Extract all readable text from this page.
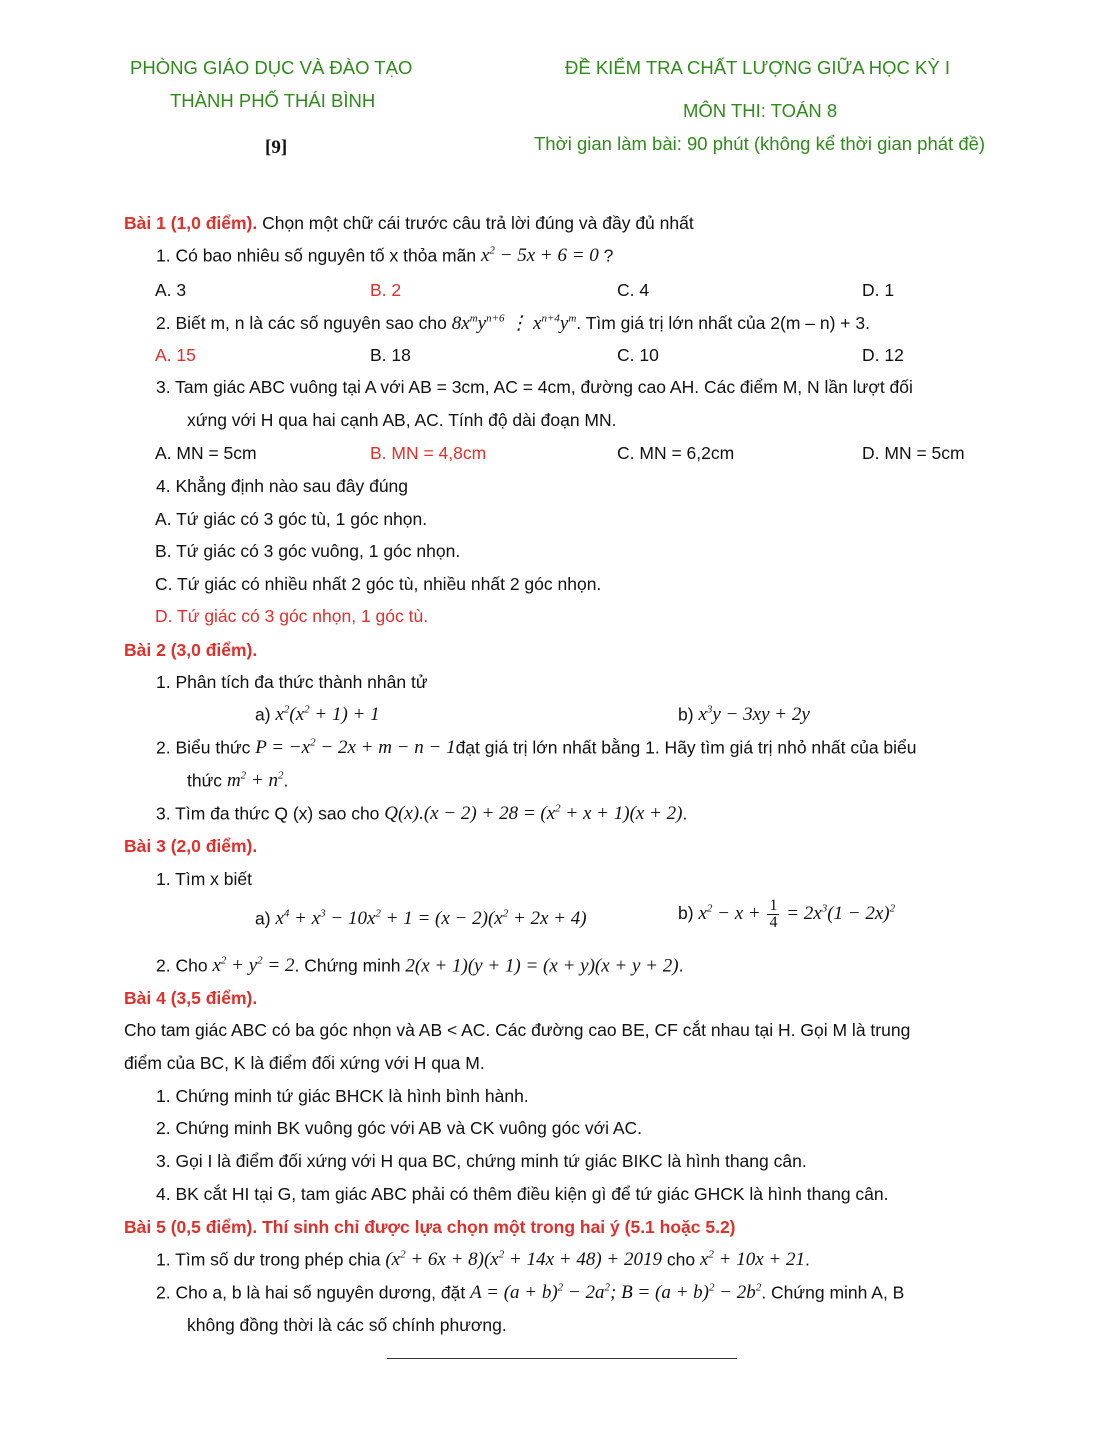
PHÒNG GIÁO DỤC VÀ ĐÀO TẠO
THÀNH PHỐ THÁI BÌNH
[9]
ĐỀ KIỂM TRA CHẤT LƯỢNG GIỮA HỌC KỲ I
MÔN THI: TOÁN 8
Thời gian làm bài: 90 phút (không kể thời gian phát đề)
Bài 1 (1,0 điểm). Chọn một chữ cái trước câu trả lời đúng và đầy đủ nhất
1. Có bao nhiêu số nguyên tố x thỏa mãn $x^2 - 5x + 6 = 0$ ?
A. 3	B. 2	C. 4	D. 1
2. Biết m, n là các số nguyên sao cho $8x^my^{n+6}$ ⋮ $x^{n+4}y^m$. Tìm giá trị lớn nhất của 2(m – n) + 3.
A. 15	B. 18	C. 10	D. 12
3. Tam giác ABC vuông tại A với AB = 3cm, AC = 4cm, đường cao AH. Các điểm M, N lần lượt đối
xứng với H qua hai cạnh AB, AC. Tính độ dài đoạn MN.
A. MN = 5cm	B. MN = 4,8cm	C. MN = 6,2cm	D. MN = 5cm
4. Khẳng định nào sau đây đúng
A. Tứ giác có 3 góc tù, 1 góc nhọn.
B. Tứ giác có 3 góc vuông, 1 góc nhọn.
C. Tứ giác có nhiều nhất 2 góc tù, nhiều nhất 2 góc nhọn.
D. Tứ giác có 3 góc nhọn, 1 góc tù.
Bài 2 (3,0 điểm).
1. Phân tích đa thức thành nhân tử
a) $x^2(x^2 + 1) + 1$	b) $x^3y - 3xy + 2y$
2. Biểu thức $P = -x^2 - 2x + m - n$ − 1đạt giá trị lớn nhất bằng 1. Hãy tìm giá trị nhỏ nhất của biểu
thức $m^2 + n^2$.
3. Tìm đa thức Q (x) sao cho $Q(x).(x - 2) + 28 = (x^2 + x + 1)(x + 2)$.
Bài 3 (2,0 điểm).
1. Tìm x biết
a) $x^4 + x^3 - 10x^2 + 1 = (x - 2)(x^2 + 2x + 4)$	b) $x^2 - x + \frac{1}{4} = 2x^3(1 - 2x)^2$
2. Cho $x^2 + y^2 = 2$. Chứng minh 2(x + 1)(y + 1) = (x + y)(x + y + 2).
Bài 4 (3,5 điểm).
Cho tam giác ABC có ba góc nhọn và AB < AC. Các đường cao BE, CF cắt nhau tại H. Gọi M là trung
điểm của BC, K là điểm đối xứng với H qua M.
1. Chứng minh tứ giác BHCK là hình bình hành.
2. Chứng minh BK vuông góc với AB và CK vuông góc với AC.
3. Gọi I là điểm đối xứng với H qua BC, chứng minh tứ giác BIKC là hình thang cân.
4. BK cắt HI tại G, tam giác ABC phải có thêm điều kiện gì để tứ giác GHCK là hình thang cân.
Bài 5 (0,5 điểm). Thí sinh chỉ được lựa chọn một trong hai ý (5.1 hoặc 5.2)
1. Tìm số dư trong phép chia $(x^2 + 6x + 8)(x^2 + 14x + 48) + 2019$ cho $x^2 + 10x + 21$.
2. Cho a, b là hai số nguyên dương, đặt $A = (a + b)^2 - 2a^2$; $B = (a + b)^2 - 2b^2$. Chứng minh A, B
không đồng thời là các số chính phương.
